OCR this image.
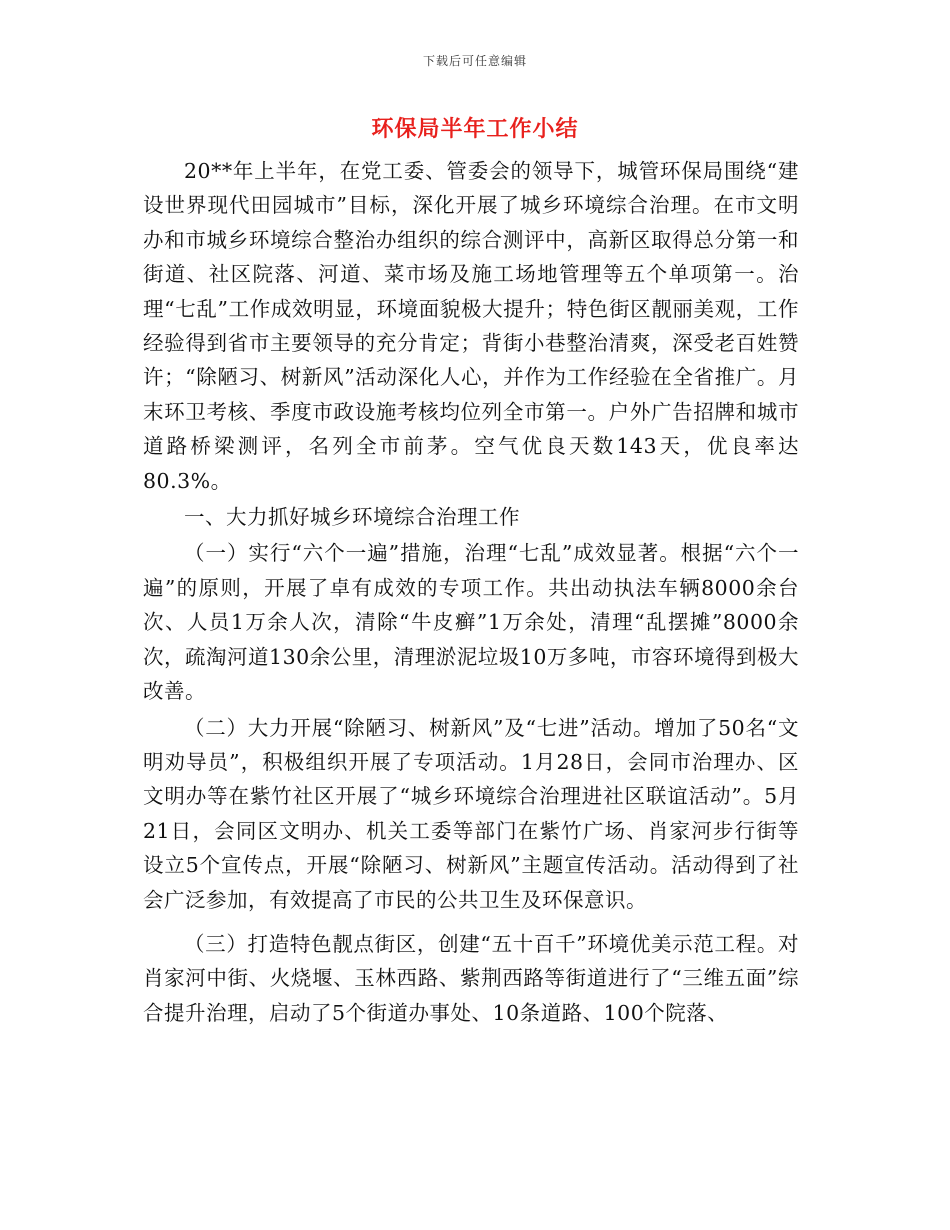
下载后可任意编辑
环保局半年工作小结

20**年上半年，在党工委、管委会的领导下，城管环保局围绕“建设世界现代田园城市”目标，深化开展了城乡环境综合治理。在市文明办和市城乡环境综合整治办组织的综合测评中，高新区取得总分第一和街道、社区院落、河道、菜市场及施工场地管理等五个单项第一。治理“七乱”工作成效明显，环境面貌极大提升；特色街区靓丽美观，工作经验得到省市主要领导的充分肯定；背街小巷整治清爽，深受老百姓赞许；“除陋习、树新风”活动深化人心，并作为工作经验在全省推广。月末环卫考核、季度市政设施考核均位列全市第一。户外广告招牌和城市道路桥梁测评，名列全市前茅。空气优良天数143天，优良率达80.3%。

一、大力抓好城乡环境综合治理工作

（一）实行“六个一遍”措施，治理“七乱”成效显著。根据“六个一遍”的原则，开展了卓有成效的专项工作。共出动执法车辆8000余台次、人员1万余人次，清除“牛皮癣”1万余处，清理“乱摆摊”8000余次，疏淘河道130余公里，清理淤泥垃圾10万多吨，市容环境得到极大改善。

（二）大力开展“除陋习、树新风”及“七进”活动。增加了50名“文明劝导员”，积极组织开展了专项活动。1月28日，会同市治理办、区文明办等在紫竹社区开展了“城乡环境综合治理进社区联谊活动”。5月21日，会同区文明办、机关工委等部门在紫竹广场、肖家河步行街等设立5个宣传点，开展“除陋习、树新风”主题宣传活动。活动得到了社会广泛参加，有效提高了市民的公共卫生及环保意识。

（三）打造特色靓点街区，创建“五十百千”环境优美示范工程。对肖家河中街、火烧堰、玉林西路、紫荆西路等街道进行了“三维五面”综合提升治理，启动了5个街道办事处、10条道路、100个院落、
